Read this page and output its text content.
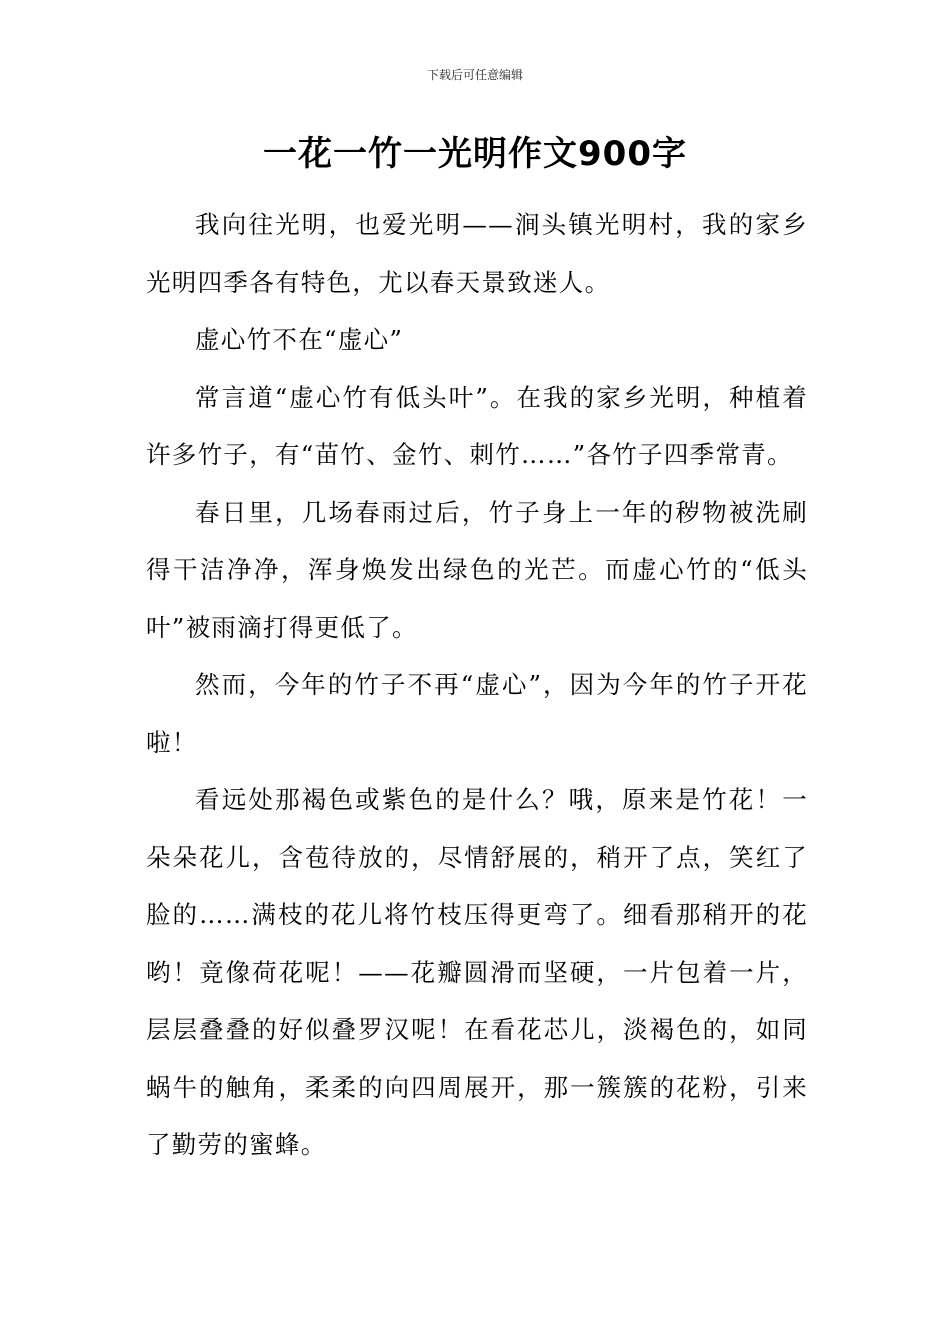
下载后可任意编辑
一花一竹一光明作文900字

我向往光明，也爱光明——涧头镇光明村，我的家乡光明四季各有特色，尤以春天景致迷人。

虚心竹不在“虚心”

常言道“虚心竹有低头叶”。在我的家乡光明，种植着许多竹子，有“苗竹、金竹、刺竹……”各竹子四季常青。

春日里，几场春雨过后，竹子身上一年的秽物被洗刷得干洁净净，浑身焕发出绿色的光芒。而虚心竹的“低头叶”被雨滴打得更低了。

然而，今年的竹子不再“虚心”，因为今年的竹子开花啦！

看远处那褐色或紫色的是什么？哦，原来是竹花！一朵朵花儿，含苞待放的，尽情舒展的，稍开了点，笑红了脸的……满枝的花儿将竹枝压得更弯了。细看那稍开的花哟！竟像荷花呢！——花瓣圆滑而坚硬，一片包着一片，层层叠叠的好似叠罗汉呢！在看花芯儿，淡褐色的，如同蜗牛的触角，柔柔的向四周展开，那一簇簇的花粉，引来了勤劳的蜜蜂。
